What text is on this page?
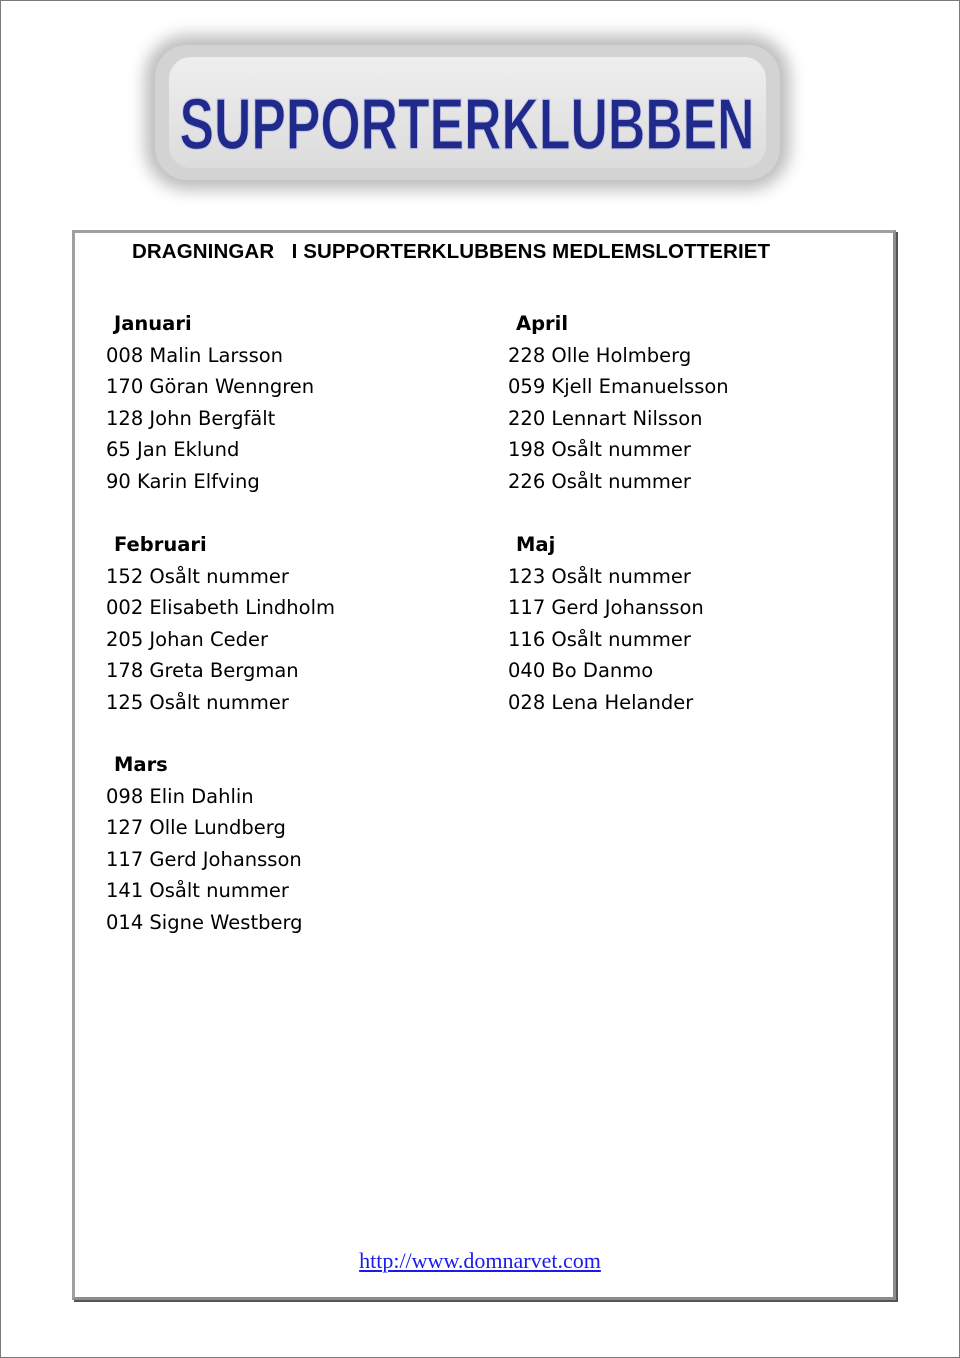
SUPPORTERKLUBBEN
DRAGNINGAR   I SUPPORTERKLUBBENS MEDLEMSLOTTERIET
Januari
008 Malin Larsson
170 Göran Wenngren
128 John Bergfält
65 Jan Eklund
90 Karin Elfving
Februari
152 Osålt nummer
002 Elisabeth Lindholm
205 Johan Ceder
178 Greta Bergman
125 Osålt nummer
Mars
098 Elin Dahlin
127 Olle Lundberg
117 Gerd Johansson
141 Osålt nummer
014 Signe Westberg
April
228 Olle Holmberg
059 Kjell Emanuelsson
220 Lennart Nilsson
198 Osålt nummer
226 Osålt nummer
Maj
123 Osålt nummer
117 Gerd Johansson
116 Osålt nummer
040 Bo Danmo
028 Lena Helander
http://www.domnarvet.com
